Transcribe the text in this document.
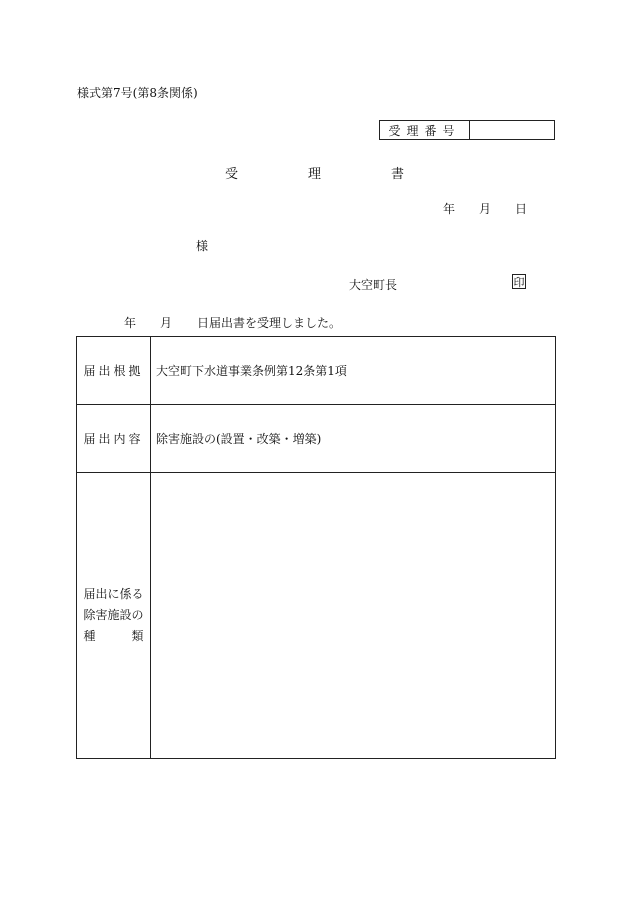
様式第7号(第8条関係)
受理番号
受	理	書
年 月 日
様
大空町長	印
年 月 日届出書を受理しました。
届出根拠	大空町下水道事業条例第12条第1項
届出内容	除害施設の(設置・改築・増築)
届出に係る
除害施設の
種	類
